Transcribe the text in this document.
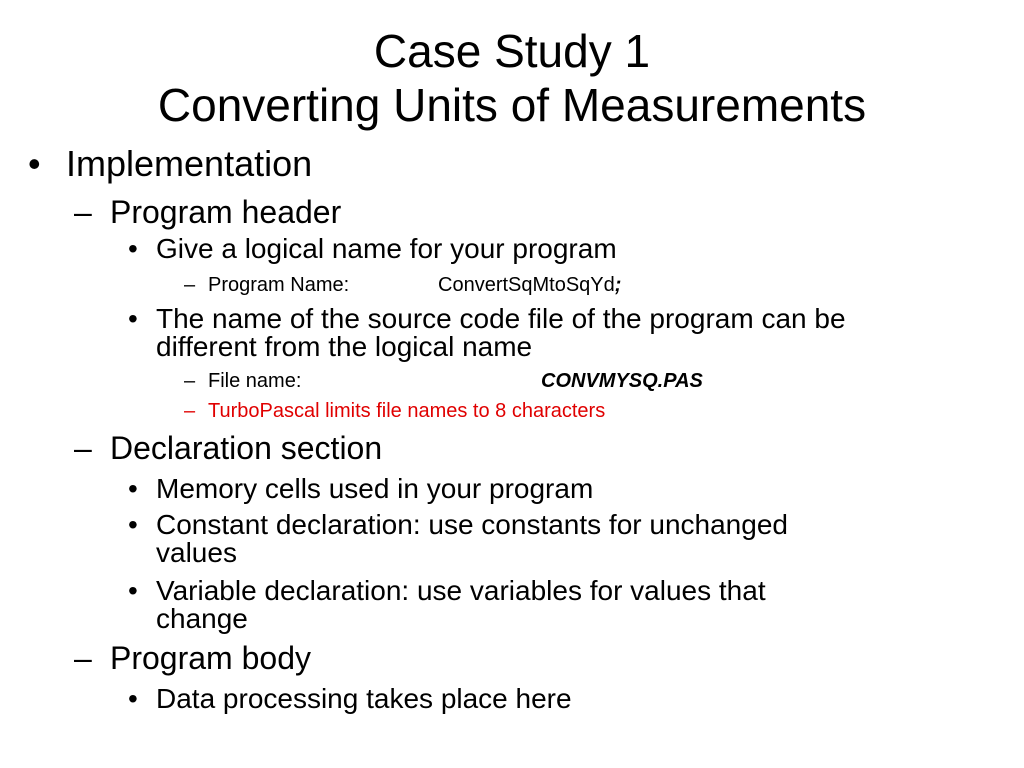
Case Study 1
Converting Units of Measurements
• Implementation
– Program header
• Give a logical name for your program
– Program Name:	ConvertSqMtoSqYd;
• The name of the source code file of the program can be
different from the logical name
– File name:	CONVMYSQ.PAS
– TurboPascal limits file names to 8 characters
– Declaration section
• Memory cells used in your program
• Constant declaration: use constants for unchanged
values
• Variable declaration: use variables for values that
change
– Program body
• Data processing takes place here
